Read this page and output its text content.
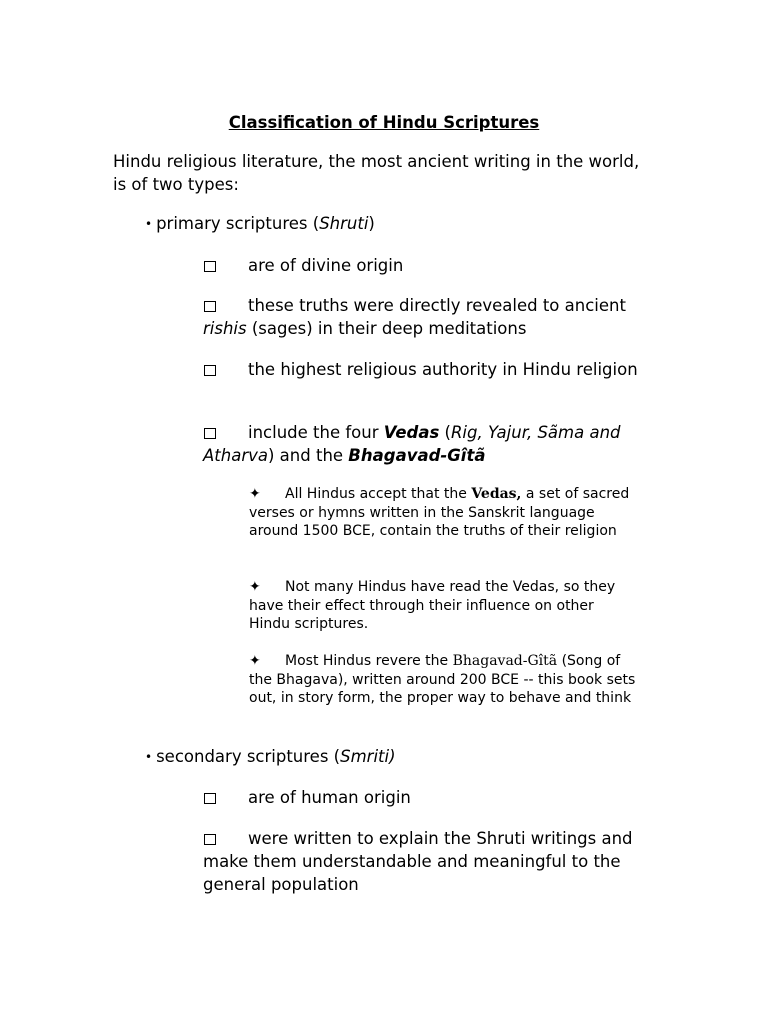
Classification of Hindu Scriptures
Hindu religious literature, the most ancient writing in the world, is of two types:
• primary scriptures (Shruti)
are of divine origin
these truths were directly revealed to ancient
rishis (sages) in their deep meditations
the highest religious authority in Hindu religion
include the four Vedas (Rig, Yajur, Sãma and Atharva) and the Bhagavad-Gîtã
✦ All Hindus accept that the Vedas, a set of sacred verses or hymns written in the Sanskrit language around 1500 BCE, contain the truths of their religion
✦ Not many Hindus have read the Vedas, so they have their effect through their influence on other Hindu scriptures.
✦ Most Hindus revere the Bhagavad-Gîtã (Song of the Bhagava), written around 200 BCE -- this book sets out, in story form, the proper way to behave and think
• secondary scriptures (Smriti)
are of human origin
were written to explain the Shruti writings and make them understandable and meaningful to the general population
